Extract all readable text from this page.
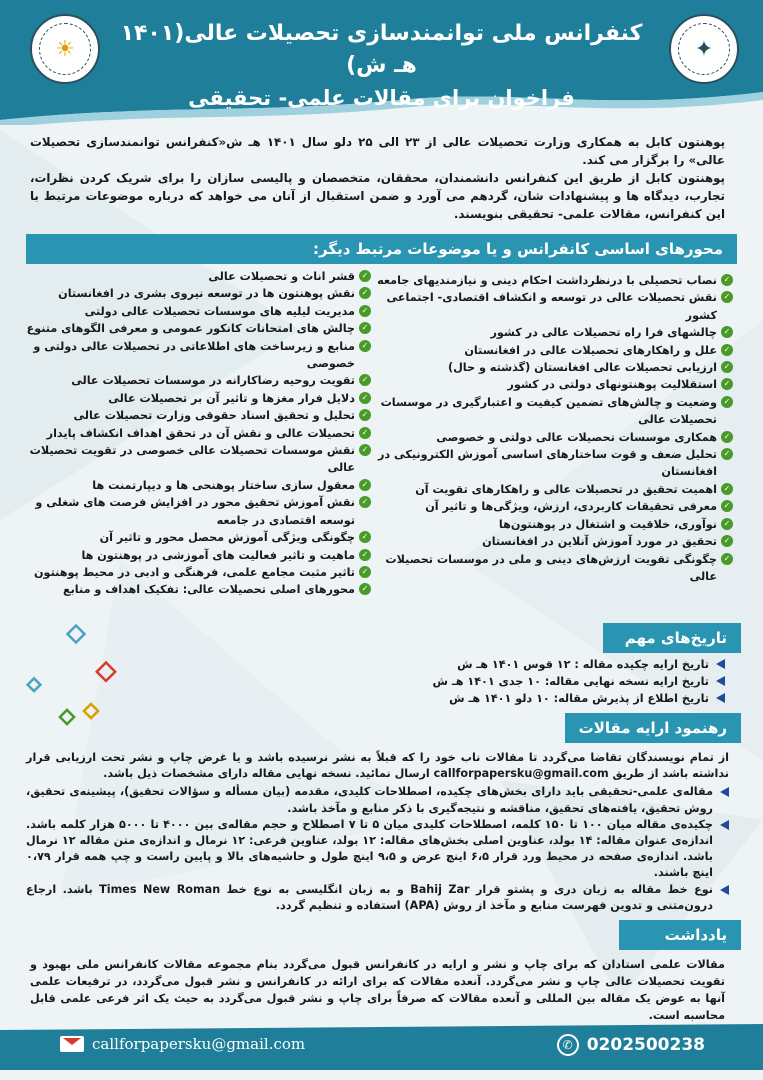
✦
☀
کنفرانس ملی توانمندسازی تحصیلات عالی(۱۴۰۱ هـ ش)
فراخوان برای مقالات علمی- تحقیقی
پوهنتون کابل به همکاری وزارت تحصیلات عالی از ۲۳ الی ۲۵ دلو سال ۱۴۰۱ هـ ش«کنفرانس توانمندسازی تحصیلات عالی» را برگزار می کند.
پوهنتون کابل از طریق این کنفرانس دانشمندان، محققان، متخصصان و پالیسی سازان را برای شریک کردن نظرات، تجارب، دیدگاه ها و پیشنهادات شان، گردهم می آورد و ضمن استقبال از آنان می خواهد که درباره موضوعات مرتبط با این کنفرانس، مقالات علمی- تحقیقی بنویسند.
محورهای اساسی کانفرانس و یا موضوعات مرتبط دیگر:
✓
نصاب تحصیلی با درنظرداشت احکام دینی و نیازمندیهای جامعه
✓
نقش تحصیلات عالی در توسعه و انکشاف اقتصادی- اجتماعی کشور
✓
چالشهای فرا راه تحصیلات عالی در کشور
✓
علل و راهکارهای تحصیلات عالی در افغانستان
✓
ارزیابی تحصیلات عالی افغانستان (گذشته و حال)
✓
استقلالیت پوهنتونهای دولتی در کشور
✓
وضعیت و چالش‌های تضمین کیفیت و اعتبارگیری در موسسات تحصیلات عالی
✓
همکاری موسسات تحصیلات عالی دولتی و خصوصی
✓
تحلیل ضعف و قوت ساختارهای اساسی آموزش الکترونیکی در افغانستان
✓
اهمیت تحقیق در تحصیلات عالی و راهکارهای تقویت آن
✓
معرفی تحقیقات کاربردی، ارزش، ویژگی‌ها و تاثیر آن
✓
نوآوری، خلاقیت و اشتغال در پوهنتون‌ها
✓
تحقیق در مورد آموزش آنلاین در افغانستان
✓
چگونگی تقویت ارزش‌های دینی و ملی در موسسات تحصیلات عالی
✓
قشر اناث و تحصیلات عالی
✓
نقش پوهنتون ها در توسعه نیروی بشری در افغانستان
✓
مدیریت لیلیه های موسسات تحصیلات عالی دولتی
✓
چالش های امتحانات کانکور عمومی و معرفی الگوهای متنوع
✓
منابع و زیرساخت های اطلاعاتی در تحصیلات عالی دولتی و خصوصی
✓
تقویت روحیه رضاکارانه در موسسات تحصیلات عالی
✓
دلایل فرار مغزها و تاثیر آن بر تحصیلات عالی
✓
تحلیل و تحقیق اسناد حقوقی وزارت تحصیلات عالی
✓
تحصیلات عالی و نقش آن در تحقق اهداف انکشاف پایدار
✓
نقش موسسات تحصیلات عالی خصوصی در تقویت تحصیلات عالی
✓
معقول سازی ساختار پوهنحی ها و دیپارتمنت ها
✓
نقش آموزش تحقیق محور در افزایش فرصت های شغلی و توسعه اقتصادی در جامعه
✓
چگونگی ویژگی آموزش محصل محور و تاثیر آن
✓
ماهیت و تاثیر فعالیت های آموزشی در پوهنتون ها
✓
تاثیر مثبت مجامع علمی، فرهنگی و ادبی در محیط پوهنتون
✓
محورهای اصلی تحصیلات عالی: تفکیک اهداف و منابع
تاریخ‌های مهم
تاریخ ارایه چکیده مقاله : ۱۲ قوس ۱۴۰۱ هـ ش
تاریخ ارایه نسخه نهایی مقاله: ۱۰ جدی ۱۴۰۱ هـ ش
تاریخ اطلاع از پذیرش مقاله: ۱۰ دلو ۱۴۰۱ هـ ش
رهنمود ارایه مقالات
از تمام نویسندگان تقاضا می‌گردد تا مقالات ناب خود را که قبلاً به نشر نرسیده باشد و یا غرض چاپ و نشر تحت ارزیابی قرار نداشته باشد از طریق callforpapersku@gmail.com ارسال نمائید. نسخه نهایی مقاله دارای مشخصات ذیل باشد.
مقاله‌ی علمی-تحقیقی باید دارای بخش‌های چکیده، اصطلاحات کلیدی، مقدمه (بیان مسأله و سؤالات تحقیق)، پیشینه‌ی تحقیق، روش تحقیق، یافته‌های تحقیق، مناقشه و نتیجه‌گیری با ذکر منابع و مآخذ باشد.
چکیده‌ی مقاله میان ۱۰۰ تا ۱۵۰ کلمه، اصطلاحات کلیدی میان ۵ تا ۷ اصطلاح و حجم مقاله‌ی بین ۴۰۰۰ تا ۵۰۰۰ هزار کلمه باشد. اندازه‌ی عنوان مقاله: ۱۴ بولد، عناوین اصلی بخش‌های مقاله: ۱۲ بولد، عناوین فرعی: ۱۲ نرمال و اندازه‌ی متن مقاله ۱۲ نرمال باشد. اندازه‌ی صفحه در محیط ورد قرار ۶،۵ اینچ عرض و ۹،۵ اینچ طول و حاشیه‌های بالا و پایین راست و چپ همه قرار ۰،۷۹ اینچ باشند.
نوع خط مقاله به زبان دری و پشتو قرار Bahij Zar و به زبان انگلیسی به نوع خط Times New Roman باشد. ارجاع درون‌متنی و تدوین فهرست منابع و مآخذ از روش (APA) استفاده و تنظیم گردد.
یادداشت
مقالات علمی استادان که برای چاپ و نشر و ارایه در کانفرانس قبول می‌گردد بنام مجموعه مقالات کانفرانس ملی بهبود و تقویت تحصیلات عالی چاپ و نشر می‌گردد. آنعده مقالات که برای ارائه در کانفرانس و نشر قبول می‌گردد، در ترفیعات علمی آنها به عوض یک مقاله بین المللی و آنعده مقالات که صرفاً برای چاپ و نشر قبول می‌گردد به حیث یک اثر فرعی علمی قابل محاسبه است.
✆ 0202500238
callforpapersku@gmail.com
